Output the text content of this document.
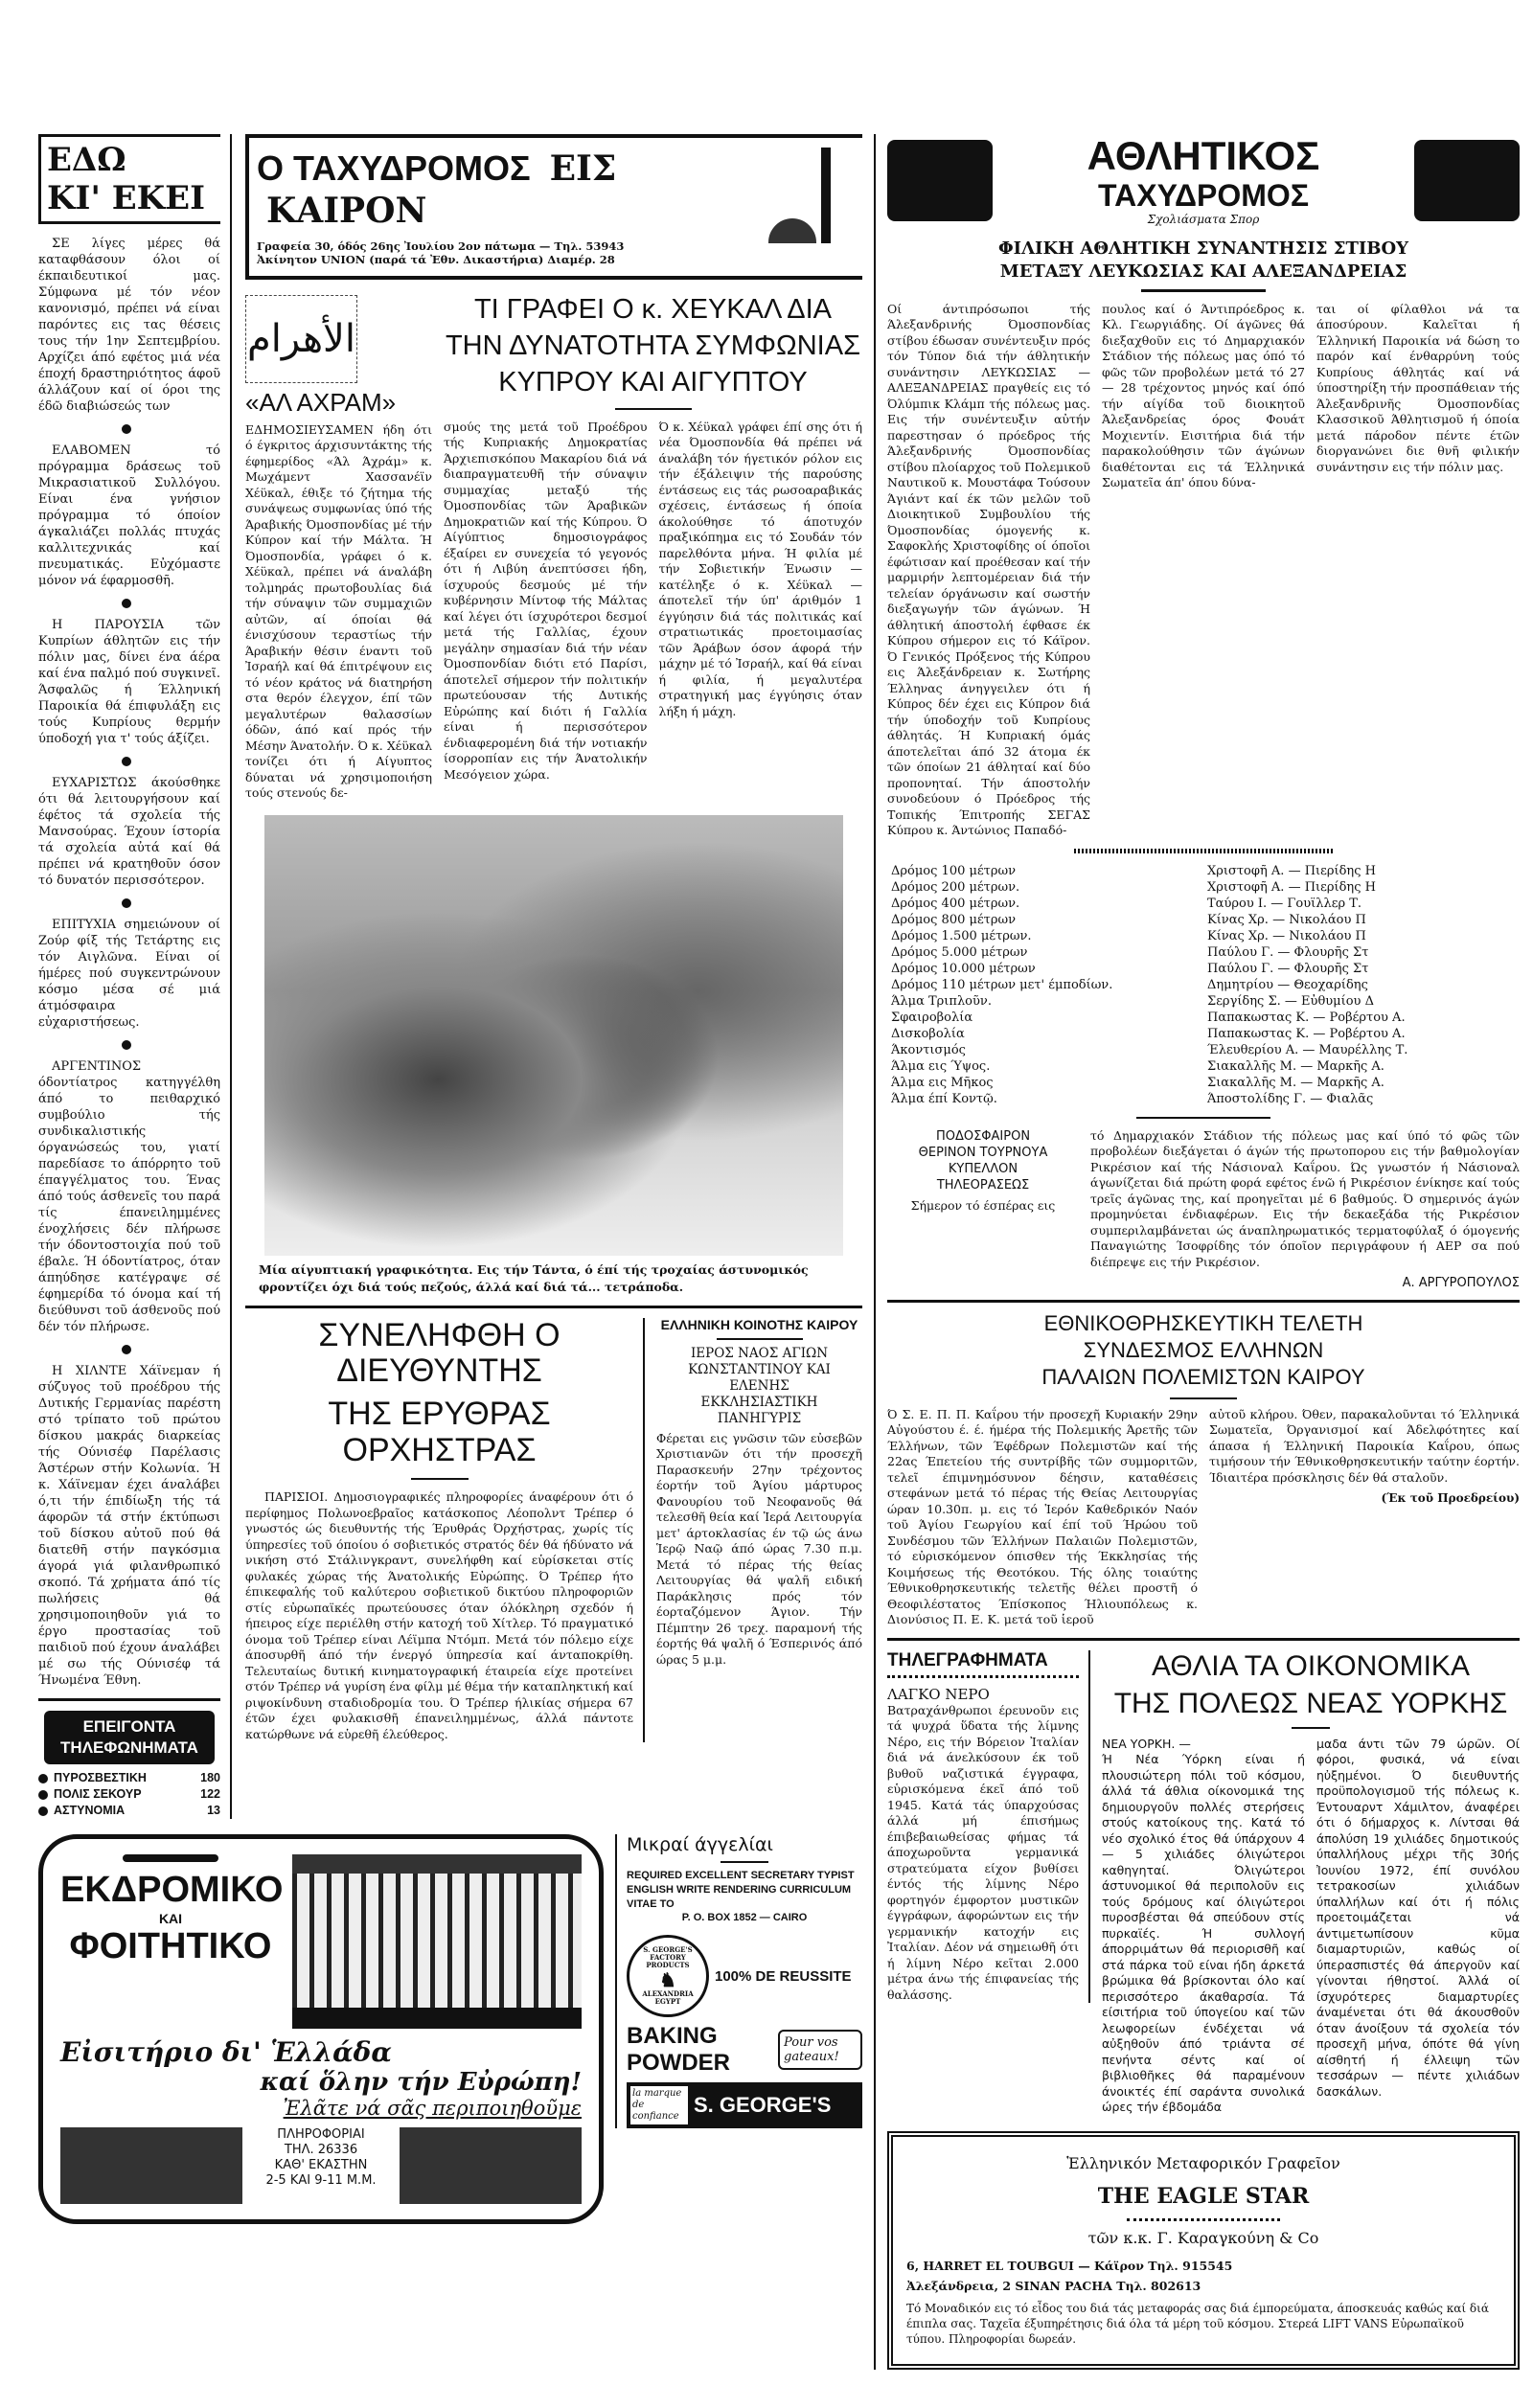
ΕΔΩ
ΚΙ' ΕΚΕΙ

ΣΕ λίγες μέρες θά καταφθάσουν όλοι οί έκπαιδευτικοί μας. Σύμφωνα μέ τόν νέον κανονισμό, πρέπει νά είναι παρόντες εις τας θέσεις τους τήν 1ην Σεπτεμβρίου. Αρχίζει άπό εφέτος μιά νέα έποχή δραστηριότητος άφοῦ άλλάζουν καί οί όροι της έδῶ διαβιώσεώς των

ΕΛΑΒΟΜΕΝ τό πρόγραμμα δράσεως τοῦ Μικρασιατικοῦ Συλλόγου. Είναι ένα γνήσιον πρόγραμμα τό όποίον άγκαλιάζει πολλάς πτυχάς καλλιτεχνικάς καί πνευματικάς. Εὐχόμαστε μόνον νά έφαρμοσθῆ.

Η ΠΑΡΟΥΣΙΑ τῶν Κυπρίων άθλητῶν εις τήν πόλιν μας, δίνει ένα άέρα καί ένα παλμό πού συγκινεῖ. Άσφαλῶς ή Έλληνική Παροικία θά έπιφυλάξη εις τούς Κυπρίους θερμήν ύποδοχή για τ' τούς άξίζει.

ΕΥΧΑΡΙΣΤΩΣ άκούσθηκε ότι θά λειτουργήσουν καί έφέτος τά σχολεία τής Μανσούρας. Έχουν ίστορία τά σχολεία αὐτά καί θά πρέπει νά κρατηθοῦν όσον τό δυνατόν περισσότερον.

ΕΠΙΤΥΧΙΑ σημειώνουν οί Ζούρ φίξ τής Τετάρτης εις τόν Αιγλῶνα. Είναι οί ήμέρες πού συγκεντρώνουν κόσμο μέσα σέ μιά άτμόσφαιρα εὐχαριστήσεως.

ΑΡΓΕΝΤΙΝΟΣ όδοντίατρος κατηγγέλθη άπό το πειθαρχικό συμβούλιο τής συνδικαλιστικής όργανώσεώς του, γιατί παρεδίασε το άπόρρητο τοῦ έπαγγέλματος του. Ένας άπό τούς άσθενεῖς του παρά τίς έπανειλημμένες ένοχλήσεις δέν πλήρωσε τήν όδοντοστοιχία πού τοῦ έβαλε. Ή όδοντίατρος, όταν άπηύδησε κατέγραψε σέ έφημερίδα τό όνομα καί τή διεύθυνσι τοῦ άσθενοῦς πού δέν τόν πλήρωσε.

Η ΧΙΛΝΤΕ Χάϊνεμαν ή σύζυγος τοῦ προέδρου τής Δυτικής Γερμανίας παρέστη στό τρίπατο τοῦ πρώτου δίσκου μακράς διαρκείας τής Ούνισέφ Παρέλασις Άστέρων στήν Κολωνία. Ή κ. Χάϊνεμαν έχει άναλάβει ό,τι τήν έπιδίωξη τής τά άφορῶν τά στήν έκτύπωσι τοῦ δίσκου αὐτοῦ πού θά διατεθῆ στήν παγκόσμια άγορά γιά φιλανθρωπικό σκοπό. Τά χρήματα άπό τίς πωλήσεις θά χρησιμοποιηθοῦν γιά το έργο προστασίας τοῦ παιδιοῦ πού έχουν άναλάβει μέ σω τής Ούνισέφ τά Ήνωμένα Έθνη.

ΕΠΕΙΓΟΝΤΑ
ΤΗΛΕΦΩΝΗΜΑΤΑ
ΠΥΡΟΣΒΕΣΤΙΚΗ	180
ΠΟΛΙΣ ΣΕΚΟΥΡ	122
ΑΣΤΥΝΟΜΙΑ	13
Ο ΤΑΧΥΔΡΟΜΟΣ ΕΙΣ ΚΑΙΡΟΝ
Γραφεία 30, όδός 26ης Ἰουλίου 2ον πάτωμα — Τηλ. 53943
Ἀκίνητον UNION (παρά τά Ἐθν. Δικαστήρια) Διαμέρ. 28
الأهرام
«ΑΛ ΑΧΡΑΜ»
ΕΔΗΜΟΣΙΕΥΣΑΜΕΝ ήδη ότι ό έγκριτος άρχισυντάκτης τής έφημερίδος «Άλ Άχράμ» κ. Μωχάμεντ Χασσανέϊν Χέϋκαλ, έθιξε τό ζήτημα τής συνάψεως συμφωνίας ύπό τής Άραβικής Όμοσπονδίας μέ τήν Κύπρον καί τήν Μάλτα. Ή Όμοσπονδία, γράφει ό κ. Χέϋκαλ, πρέπει νά άναλάβη τολμηράς πρωτοβουλίας διά τήν σύναψιν τῶν συμμαχιῶν αὐτῶν, αί όποίαι θά ένισχύσουν τεραστίως τήν Άραβικήν θέσιν έναντι τοῦ Ἰσραήλ καί θά έπιτρέψουν εις τό νέον κράτος νά διατηρήση στα θερόν έλεγχον, έπί τῶν μεγαλυτέρων θαλασσίων όδῶν, άπό καί πρός τήν Μέσην Άνατολήν. Ό κ. Χέϋκαλ τονίζει ότι ή Αίγυπτος δύναται νά χρησιμοποιήση τούς στενούς δε-
ΤΙ ΓΡΑΦΕΙ Ο κ. ΧΕΥΚΑΛ ΔΙΑ
ΤΗΝ ΔΥΝΑΤΟΤΗΤΑ ΣΥΜΦΩΝΙΑΣ
ΚΥΠΡΟΥ ΚΑΙ ΑΙΓΥΠΤΟΥ
σμούς της μετά τοῦ Προέδρου τής Κυπριακής Δημοκρατίας Άρχιεπισκόπου Μακαρίου διά νά διαπραγματευθῆ τήν σύναψιν συμμαχίας μεταξύ τής Όμοσπονδίας τῶν Άραβικῶν Δημοκρατιῶν καί τής Κύπρου. Ό Αίγύπτιος δημοσιογράφος έξαίρει εν συνεχεία τό γεγονός ότι ή Λιβύη άνεπτύσσει ήδη, ίσχυρούς δεσμούς μέ τήν κυβέρνησιν Μίντοφ τής Μάλτας καί λέγει ότι ίσχυρότεροι δεσμοί μετά τής Γαλλίας, έχουν μεγάλην σημασίαν διά τήν νέαν Όμοσπονδίαν διότι ετό Παρίσι, άποτελεῖ σήμερον τήν πολιτικήν πρωτεύουσαν τής Δυτικής Εὐρώπης καί διότι ή Γαλλία είναι ή περισσότερον ένδιαφερομένη διά τήν νοτιακήν ίσορροπίαν εις τήν Άνατολικήν Μεσόγειον χώρα.
Ό κ. Χέϋκαλ γράφει έπί σης ότι ή νέα Όμοσπονδία θά πρέπει νά άναλάβη τόν ήγετικόν ρόλον εις τήν έξάλειψιν τής παρούσης έντάσεως εις τάς ρωσοαραβικάς σχέσεις, έντάσεως ή όποία άκολούθησε τό άποτυχόν πραξικόπημα εις τό Σουδάν τόν παρελθόντα μήνα. Ή φιλία μέ τήν Σοβιετικήν Ένωσιν — κατέληξε ό κ. Χέϋκαλ — άποτελεῖ τήν ύπ' άριθμόν 1 έγγύησιν διά τάς πολιτικάς καί στρατιωτικάς προετοιμασίας τῶν Άράβων όσον άφορά τήν μάχην μέ τό Ἰσραήλ, καί θά είναι ή φιλία, ή μεγαλυτέρα στρατηγική μας έγγύησις όταν λήξη ή μάχη.
Μία αίγυπτιακή γραφικότητα. Εις τήν Τάντα, ό έπί τής τροχαίας άστυνομικός φροντίζει όχι διά τούς πεζούς, άλλά καί διά τά... τετράποδα.
ΣΥΝΕΛΗΦΘΗ Ο ΔΙΕΥΘΥΝΤΗΣ
ΤΗΣ ΕΡΥΘΡΑΣ ΟΡΧΗΣΤΡΑΣ
ΠΑΡΙΣΙΟΙ. Δημοσιογραφικές πληροφορίες άναφέρουν ότι ό περίφημος Πολωνοεβραῖος κατάσκοπος Λέοπολντ Τρέπερ ό γνωστός ώς διευθυντής τής Έρυθράς Όρχήστρας, χωρίς τίς ύπηρεσίες τοῦ όποίου ό σοβιετικός στρατός δέν θά ήδύνατο νά νικήση στό Στάλινγκραντ, συνελήφθη καί εὑρίσκεται στίς φυλακές χώρας τής Άνατολικής Εὐρώπης. Ό Τρέπερ ήτο έπικεφαλής τοῦ καλύτερου σοβιετικοῦ δικτύου πληροφοριῶν στίς εὐρωπαϊκές πρωτεύουσες όταν όλόκληρη σχεδόν ή ήπειρος είχε περιέλθη στήν κατοχή τοῦ Χίτλερ. Τό πραγματικό όνομα τοῦ Τρέπερ είναι Λέϊμπα Ντόμπ. Μετά τόν πόλεμο είχε άποσυρθῆ άπό τήν ένεργό ύπηρεσία καί άνταποκρίθη. Τελευταίως δυτική κινηματογραφική έταιρεία είχε προτείνει στόν Τρέπερ νά γυρίση ένα φίλμ μέ θέμα τήν καταπληκτική καί ριψοκίνδυνη σταδιοδρομία του. Ό Τρέπερ ήλικίας σήμερα 67 έτῶν έχει φυλακισθῆ έπανειλημμένως, άλλά πάντοτε κατώρθωνε νά εὑρεθῆ έλεύθερος.
ΕΛΛΗΝΙΚΗ ΚΟΙΝΟΤΗΣ ΚΑΙΡΟΥ
ΙΕΡΟΣ ΝΑΟΣ ΑΓΙΩΝ
ΚΩΝΣΤΑΝΤΙΝΟΥ ΚΑΙ
ΕΛΕΝΗΣ
ΕΚΚΛΗΣΙΑΣΤΙΚΗ
ΠΑΝΗΓΥΡΙΣ
Φέρεται εις γνῶσιν τῶν εὐσεβῶν Χριστιανῶν ότι τήν προσεχῆ Παρασκευήν 27ην τρέχοντος έορτήν τοῦ Άγίου μάρτυρος Φανουρίου τοῦ Νεοφανοῦς θά τελεσθῆ θεία καί Ἱερά Λειτουργία μετ' άρτοκλασίας έν τῷ ώς άνω Ἱερῷ Ναῷ άπό ώρας 7.30 π.μ. Μετά τό πέρας τής θείας Λειτουργίας θά ψαλῆ ειδική Παράκλησις πρός τόν έορταζόμενον Άγιον. Τήν Πέμπτην 26 τρεχ. παραμονή τής έορτής θά ψαλῆ ό Έσπερινός άπό ώρας 5 μ.μ.
ΕΚΔΡΟΜΙΚΟ
ΚΑΙ
ΦΟΙΤΗΤΙΚΟ
Εἰσιτήριο δι' Ἑλλάδα
καί ὅλην τήν Εὐρώπη!
Ἐλᾶτε νά σᾶς περιποιηθοῦμε
ΠΛΗΡΟΦΟΡΙΑΙ
ΤΗΛ. 26336
ΚΑΘ' ΕΚΑΣΤΗΝ
2-5 ΚΑΙ 9-11 Μ.Μ.
Μικραί άγγελίαι
REQUIRED EXCELLENT SECRETARY TYPIST ENGLISH WRITE RENDERING CURRICULUM VITAE TO
P. O. BOX 1852 — CAIRO
S. GEORGE'S FACTORY PRODUCTS
♞
ALEXANDRIA EGYPT
100% DE REUSSITE
BAKING
POWDER
Pour vos gateaux!
la marque de confiance S. GEORGE'S
ΑΘΛΗΤΙΚΟΣ
ΤΑΧΥΔΡΟΜΟΣ
Σχολιάσματα Σπορ
ΦΙΛΙΚΗ ΑΘΛΗΤΙΚΗ ΣΥΝΑΝΤΗΣΙΣ ΣΤΙΒΟΥ
ΜΕΤΑΞΥ ΛΕΥΚΩΣΙΑΣ ΚΑΙ ΑΛΕΞΑΝΔΡΕΙΑΣ
Οί άντιπρόσωποι τής Άλεξανδρινής Όμοσπονδίας στίβου έδωσαν συνέντευξιν πρός τόν Τύπον διά τήν άθλητικήν συνάντησιν ΛΕΥΚΩΣΙΑΣ — ΑΛΕΞΑΝΔΡΕΙΑΣ πραγθείς εις τό Όλύμπικ Κλάμπ τής πόλεως μας. Εις τήν συνέντευξιν αὐτήν παρεστησαν ό πρόεδρος τής Άλεξανδρινής Όμοσπονδίας στίβου πλοίαρχος τοῦ Πολεμικοῦ Ναυτικοῦ κ. Μουστάφα Τούσουν Άγιάντ καί έκ τῶν μελῶν τοῦ Διοικητικοῦ Συμβουλίου τής Όμοσπονδίας όμογενής κ. Σαφοκλής Χριστοφίδης οί όποῖοι έφώτισαν καί προέθεσαν καί τήν μαρμιρήν λεπτομέρειαν διά τήν τελείαν όργάνωσιν καί σωστήν διεξαγωγήν τῶν άγώνων. Ή άθλητική άποστολή έφθασε έκ Κύπρου σήμερον εις τό Κάϊρον. Ό Γενικός Πρόξενος τής Κύπρου εις Άλεξάνδρειαν κ. Σωτήρης Έλληνας άνηγγειλεν ότι ή Κύπρος δέν έχει εις Κύπρον διά τήν ύποδοχήν τοῦ Κυπρίους άθλητάς. Ή Κυπριακή όμάς άποτελεῖται άπό 32 άτομα έκ τῶν όποίων 21 άθληταί καί δύο προπονηταί. Τήν άποστολήν συνοδεύουν ό Πρόεδρος τής Τοπικής Έπιτροπής ΣΕΓΑΣ Κύπρου κ. Άντώνιος Παπαδό-
πουλος καί ό Άντιπρόεδρος κ. Κλ. Γεωργιάδης. Οί άγῶνες θά διεξαχθοῦν εις τό Δημαρχιακόν Στάδιον τής πόλεως μας όπό τό φῶς τῶν προβολέων μετά τό 27 — 28 τρέχοντος μηνός καί όπό τήν αίγίδα τοῦ διοικητοῦ Άλεξανδρείας όρος Φουάτ Μοχιεντίν. Εισιτήρια διά τήν παρακολούθησιν τῶν άγώνων διαθέτονται εις τά Έλληνικά Σωματεῖα άπ' όπου δύνα-
ται οί φίλαθλοι νά τα άποσύρουν. Καλεῖται ή Έλληνική Παροικία νά δώση το παρόν καί ένθαρρύνη τούς Κυπρίους άθλητάς καί νά ύποστηρίξη τήν προσπάθειαν τής Άλεξανδρινῆς Όμοσπονδίας Κλασσικοῦ Άθλητισμοῦ ή όποία μετά πάροδον πέντε έτῶν διοργανώνει διε θνῆ φιλικήν συνάντησιν εις τήν πόλιν μας.
Δρόμος 100 μέτρων	Χριστοφῆ Α. — Πιερίδης Η
Δρόμος 200 μέτρων.	Χριστοφῆ Α. — Πιερίδης Η
Δρόμος 400 μέτρων.	Ταύρου Ι. — Γουϊλλερ Τ.
Δρόμος 800 μέτρων	Κίνας Χρ. — Νικολάου Π
Δρόμος 1.500 μέτρων.	Κίνας Χρ. — Νικολάου Π
Δρόμος 5.000 μέτρων	Παύλου Γ. — Φλουρῆς Στ
Δρόμος 10.000 μέτρων	Παύλου Γ. — Φλουρῆς Στ
Δρόμος 110 μέτρων μετ' έμποδίων.	Δημητρίου — Θεοχαρίδης
Άλμα Τριπλοῦν.	Σεργίδης Σ. — Εὐθυμίου Δ
Σφαιροβολία	Παπακωστας Κ. — Ροβέρτου Α.
Δισκοβολία	Παπακωστας Κ. — Ροβέρτου Α.
Άκοντισμός	Έλευθερίου Α. — Μαυρέλλης Τ.
Άλμα εις Ύψος.	Σιακαλλῆς Μ. — Μαρκῆς Α.
Άλμα εις Μῆκος	Σιακαλλῆς Μ. — Μαρκῆς Α.
Άλμα έπί Κοντῷ.	Άποστολίδης Γ. — Φιαλᾶς
ΠΟΔΟΣΦΑΙΡΟΝ
ΘΕΡΙΝΟΝ ΤΟΥΡΝΟΥΑ
ΚΥΠΕΛΛΟΝ
ΤΗΛΕΟΡΑΣΕΩΣ
Σήμερον τό έσπέρας εις
τό Δημαρχιακόν Στάδιον τής πόλεως μας καί ύπό τό φῶς τῶν προβολέων διεξάγεται ό άγών τής πρωτοπορου εις τήν βαθμολογίαν Ρικρέσιον καί τής Νάσιοναλ Καΐρου. Ώς γνωστόν ή Νάσιοναλ άγωνίζεται διά πρώτη φορά εφέτος ένῶ ή Ρικρέσιον ένίκησε καί τούς τρεῖς άγῶνας της, καί προηγεῖται μέ 6 βαθμούς. Ό σημερινός άγών προμηνύεται ένδιαφέρων. Εις τήν δεκαεξάδα τής Ρικρέσιον συμπεριλαμβάνεται ώς άναπληρωματικός τερματοφύλαξ ό όμογενής Παναγιώτης Ίσοφρίδης τόν όποῖον περιγράφουν ή ΑΕΡ σα πού διέπρεψε εις τήν Ρικρέσιον.
Α. ΑΡΓΥΡΟΠΟΥΛΟΣ
ΕΘΝΙΚΟΘΡΗΣΚΕΥΤΙΚΗ ΤΕΛΕΤΗ
ΣΥΝΔΕΣΜΟΣ ΕΛΛΗΝΩΝ
ΠΑΛΑΙΩΝ ΠΟΛΕΜΙΣΤΩΝ ΚΑΙΡΟΥ
Ό Σ. Ε. Π. Π. Καΐρου τήν προσεχῆ Κυριακήν 29ην Αὐγούστου έ. έ. ήμέρα τής Πολεμικής Άρετῆς τῶν Έλλήνων, τῶν Έφέδρων Πολεμιστῶν καί τής 22ας Έπετείου τής συντρίβῆς τῶν συμμοριτῶν, τελεῖ έπιμνημόσυνον δέησιν, καταθέσεις στεφάνων μετά τό πέρας τής Θείας Λειτουργίας ώραν 10.30π. μ. εις τό Ἱερόν Καθεδρικόν Ναόν τοῦ Άγίου Γεωργίου καί έπί τοῦ Ήρώου τοῦ Συνδέσμου τῶν Έλλήνων Παλαιῶν Πολεμιστῶν, τό εὐρισκόμενον όπισθεν τής Έκκλησίας τής Κοιμήσεως τής Θεοτόκου. Τής όλης τοιαύτης Έθνικοθρησκευτικής τελετῆς θέλει προστῆ ό Θεοφιλέστατος Έπίσκοπος Ήλιουπόλεως κ. Διονύσιος Π. Ε. Κ. μετά τοῦ ἱεροῦ
αὐτοῦ κλήρου. Όθεν, παρακαλοῦνται τό Έλληνικά Σωματεῖα, Όργανισμοί καί Άδελφότητες καί άπασα ή Έλληνική Παροικία Καΐρου, όπως τιμήσουν τήν Έθνικοθρησκευτικήν ταύτην έορτήν. Ίδιαιτέρα πρόσκλησις δέν θά σταλοῦν.
(Έκ τοῦ Προεδρείου)
ΤΗΛΕΓΡΑΦΗΜΑΤΑ
ΛΑΓΚΟ ΝΕΡΟ
Βατραχάνθρωποι έρευνοῦν εις τά ψυχρά ὕδατα τής λίμνης Νέρο, εις τήν Βόρειον Ἰταλίαν διά νά άνελκύσουν έκ τοῦ βυθοῦ ναζιστικά έγγραφα, εὑρισκόμενα έκεῖ άπό τοῦ 1945. Κατά τάς ύπαρχούσας άλλά μή έπισήμως έπιβεβαιωθείσας φήμας τά άποχωροῦντα γερμανικά στρατεύματα είχον βυθίσει έντός τής λίμνης Νέρο φορτηγόν έμφορτον μυστικῶν έγγράφων, άφορώντων εις τήν γερμανικήν κατοχήν εις Ἰταλίαν. Δέον νά σημειωθῆ ότι ή λίμνη Νέρο κεῖται 2.000 μέτρα άνω τής έπιφανείας τής θαλάσσης.
ΑΘΛΙΑ ΤΑ ΟΙΚΟΝΟΜΙΚΑ
ΤΗΣ ΠΟΛΕΩΣ ΝΕΑΣ ΥΟΡΚΗΣ
ΝΕΑ ΥΟΡΚΗ. —
Ή Νέα Ύόρκη είναι ή πλουσιώτερη πόλι τοῦ κόσμου, άλλά τά άθλια οίκονομικά της δημιουργοῦν πολλές στερήσεις στούς κατοίκους της. Κατά τό νέο σχολικό έτος θά ύπάρχουν 4 — 5 χιλιάδες όλιγώτεροι καθηγηταί. Όλιγώτεροι άστυνομικοί θά περιπολοῦν εις τούς δρόμους καί όλιγώτεροι πυροσβέσται θά σπεύδουν στίς πυρκαϊές. Ή συλλογή άπορριμάτων θά περιορισθῆ καί στά πάρκα τοῦ είναι ήδη άρκετά βρώμικα θά βρίσκονται όλο καί περισσότερο άκαθαρσία. Τά είσιτήρια τοῦ ύπογείου καί τῶν λεωφορείων ένδέχεται νά αὐξηθοῦν άπό τριάντα σέ πενήντα σέντς καί οί βιβλιοθῆκες θά παραμένουν άνοικτές έπί σαράντα συνολικά ώρες τήν έβδομάδα
μαδα άντι τῶν 79 ώρῶν. Οί φόροι, φυσικά, νά είναι ηὐξημένοι. Ό διευθυντής προϋπολογισμοῦ τής πόλεως κ. Έντουαρντ Χάμιλτον, άναφέρει ότι ό δήμαρχος κ. Λίντσαι θά άπολύση 19 χιλιάδες δημοτικούς ύπαλλήλους μέχρι τῆς 30ής Ἰουνίου 1972, έπί συνόλου τετρακοσίων χιλιάδων ύπαλλήλων καί ότι ή πόλις προετοιμάζεται νά άντιμετωπίσουν κῦμα διαμαρτυριῶν, καθώς οί ύπερασπιστές θά άπεργοῦν καί γίνονται ήθηστοί. Άλλά οί ίσχυρότερες διαμαρτυρίες άναμένεται ότι θά άκουσθοῦν όταν άνοίξουν τά σχολεία τόν προσεχῆ μήνα, όπότε θά γίνη αίσθητή ή έλλειψη τῶν τεσσάρων — πέντε χιλιάδων δασκάλων.
Ἑλληνικόν Μεταφορικόν Γραφεῖον
THE EAGLE STAR
τῶν κ.κ. Γ. Καραγκούνη & Co
6, HARRET EL TOUBGUI — Κάϊρον Τηλ. 915545
Ἀλεξάνδρεια, 2 SINAN PACHA Τηλ. 802613
Τό Μοναδικόν εις τό εἶδος του διά τάς μεταφοράς σας διά έμπορεύματα, άποσκευάς καθώς καί διά έπιπλα σας. Ταχεῖα έξυπηρέτησις διά όλα τά μέρη τοῦ κόσμου. Στερεά LIFT VANS Εὐρωπαϊκοῦ τύπου. Πληροφορίαι δωρεάν.
